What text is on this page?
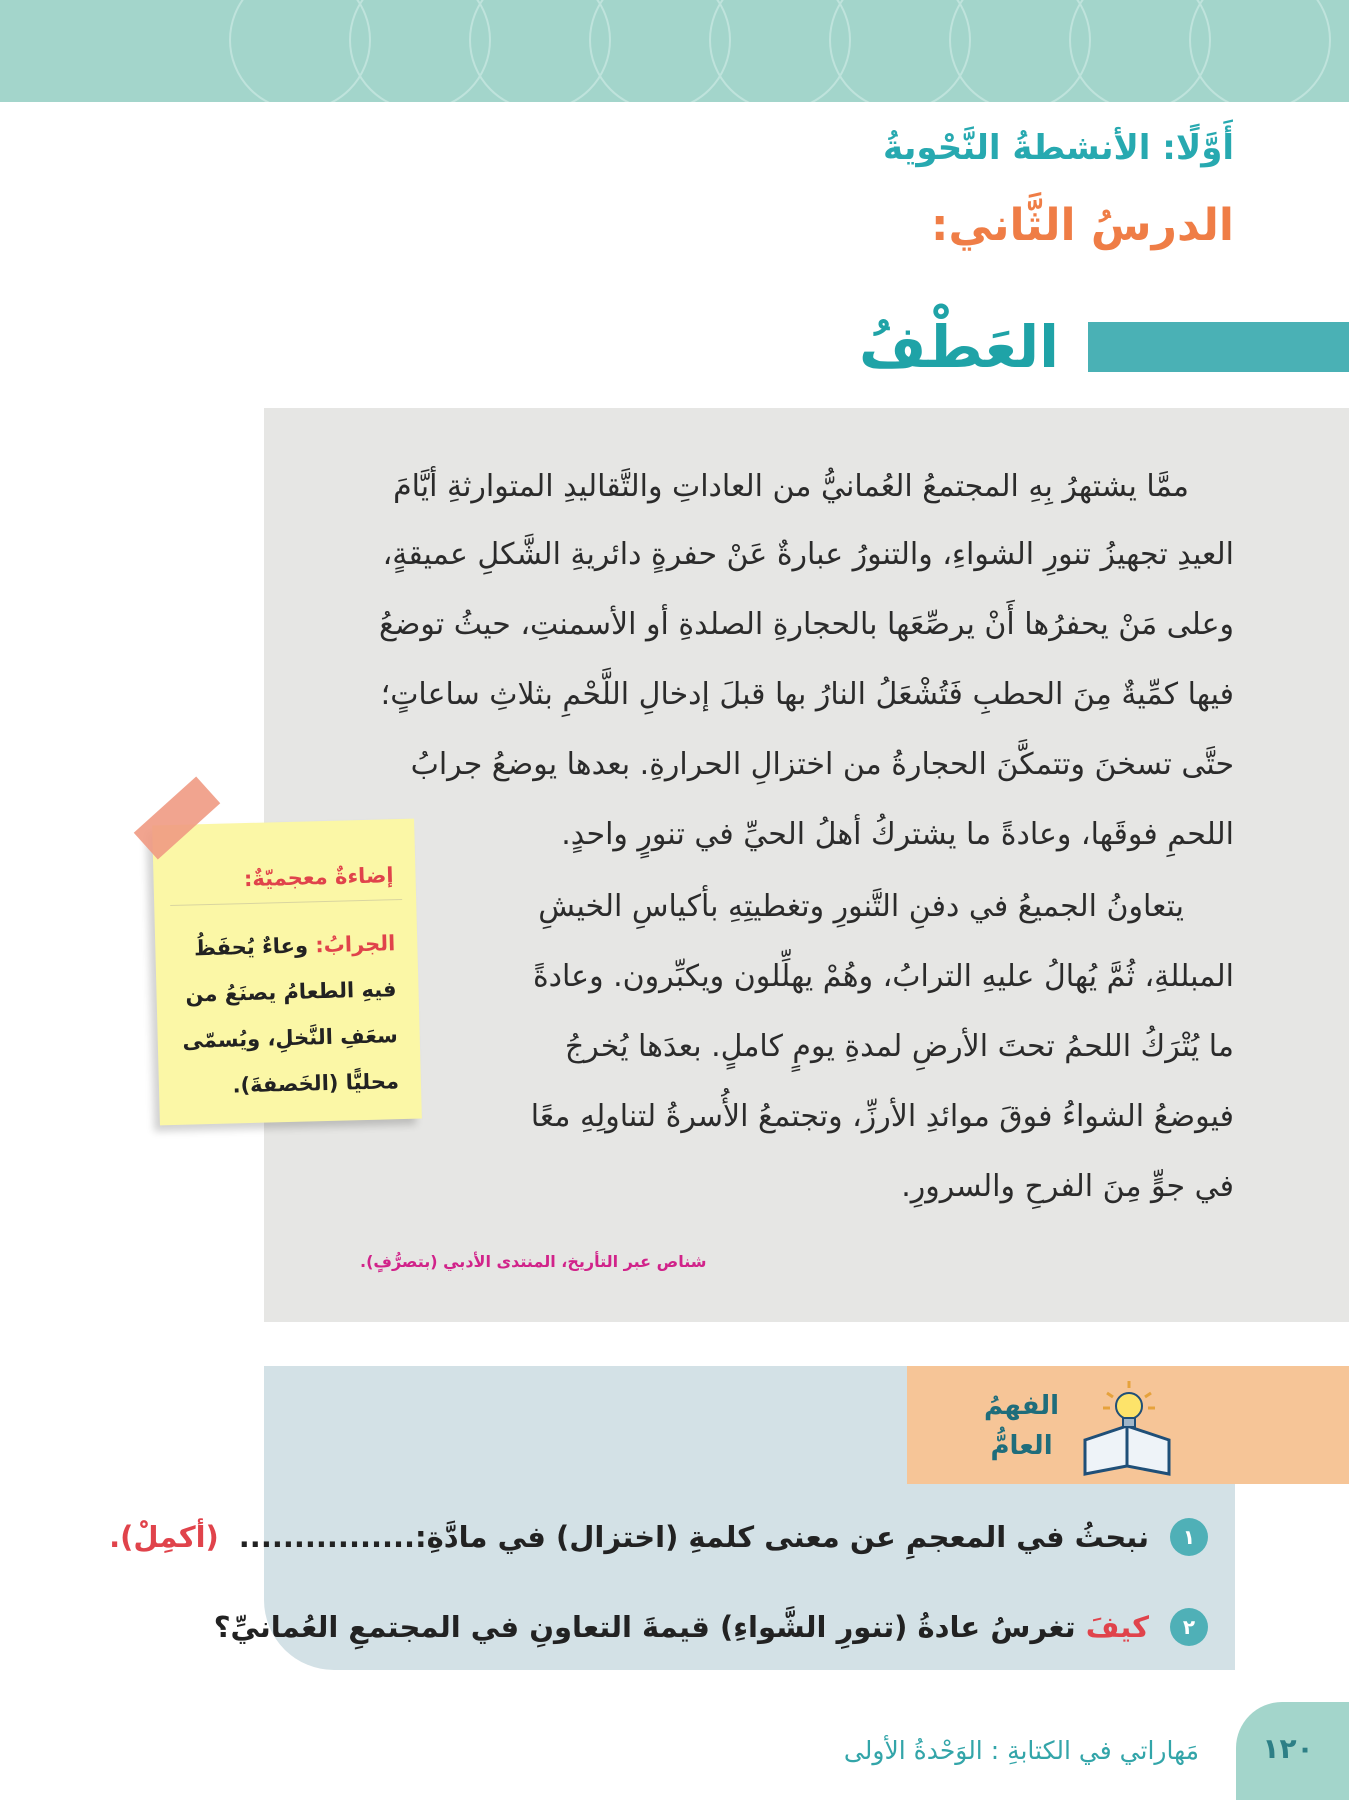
أَوَّلًا: الأنشطةُ النَّحْويةُ
الدرسُ الثَّاني:
العَطْفُ
ممَّا يشتهرُ بِهِ المجتمعُ العُمانيُّ من العاداتِ والتَّقاليدِ المتوارثةِ أيَّامَ
العيدِ تجهيزُ تنورِ الشواءِ، والتنورُ عبارةٌ عَنْ حفرةٍ دائريةِ الشَّكلِ عميقةٍ،
وعلى مَنْ يحفرُها أَنْ يرصِّعَها بالحجارةِ الصلدةِ أو الأسمنتِ، حيثُ توضعُ
فيها كمِّيةٌ مِنَ الحطبِ فَتُشْعَلُ النارُ بها قبلَ إدخالِ اللَّحْمِ بثلاثِ ساعاتٍ؛
حتَّى تسخنَ وتتمكَّنَ الحجارةُ من اختزالِ الحرارةِ. بعدها يوضعُ جرابُ
اللحمِ فوقَها، وعادةً ما يشتركُ أهلُ الحيِّ في تنورٍ واحدٍ.
يتعاونُ الجميعُ في دفنِ التَّنورِ وتغطيتِهِ بأكياسِ الخيشِ
المبللةِ، ثُمَّ يُهالُ عليهِ الترابُ، وهُمْ يهلِّلون ويكبِّرون. وعادةً
ما يُتْرَكُ اللحمُ تحتَ الأرضِ لمدةِ يومٍ كاملٍ. بعدَها يُخرجُ
فيوضعُ الشواءُ فوقَ موائدِ الأرزِّ، وتجتمعُ الأُسرةُ لتناولِهِ معًا
في جوٍّ مِنَ الفرحِ والسرورِ.
شناص عبر التأريخ، المنتدى الأدبي (بتصرُّفٍ).
إضاءةٌ معجميّةٌ:
الجرابُ: وعاءٌ يُحفَظُ
فيهِ الطعامُ يصنَعُ من
سعَفِ النَّخلِ، ويُسمّى
محليًّا (الخَصفةَ).
الفهمُ
العامُّ
١
نبحثُ في المعجمِ عن معنى كلمةِ (اختزال) في مادَّةِ:................(أكمِلْ).
٢
كيفَ تغرسُ عادةُ (تنورِ الشَّواءِ) قيمةَ التعاونِ في المجتمعِ العُمانيِّ؟
١٢٠
مَهاراتي في الكتابةِ : الوَحْدةُ الأولى
